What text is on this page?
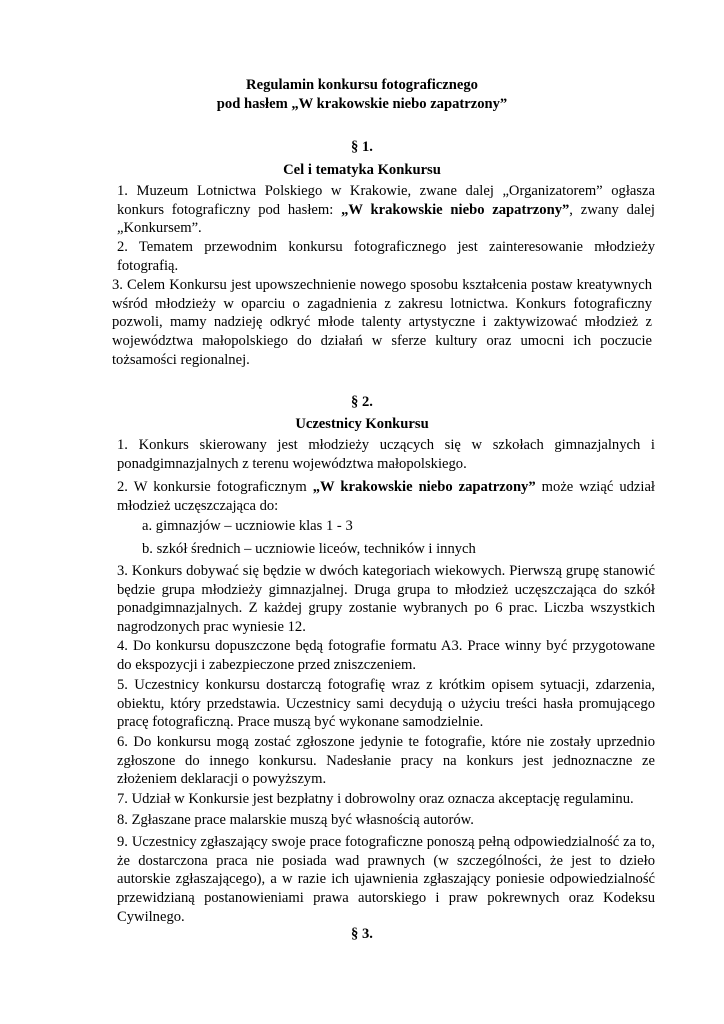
Regulamin konkursu fotograficznego

pod hasłem „W krakowskie niebo zapatrzony”

§ 1.

Cel i tematyka Konkursu

1. Muzeum Lotnictwa Polskiego w Krakowie, zwane dalej „Organizatorem” ogłasza konkurs fotograficzny pod hasłem: „W krakowskie niebo zapatrzony”, zwany dalej „Konkursem”.

2. Tematem przewodnim konkursu fotograficznego jest zainteresowanie młodzieży fotografią.

3. Celem Konkursu jest upowszechnienie nowego sposobu kształcenia postaw kreatywnych wśród młodzieży w oparciu o zagadnienia z zakresu lotnictwa. Konkurs fotograficzny pozwoli, mamy nadzieję odkryć młode talenty artystyczne i zaktywizować młodzież z województwa małopolskiego do działań w sferze kultury oraz umocni ich poczucie tożsamości regionalnej.

§ 2.

Uczestnicy Konkursu

1. Konkurs skierowany jest młodzieży uczących się w szkołach gimnazjalnych i ponadgimnazjalnych z terenu województwa małopolskiego.

2. W konkursie fotograficznym „W krakowskie niebo zapatrzony” może wziąć udział młodzież uczęszczająca do:

a. gimnazjów – uczniowie klas 1 - 3

b. szkół średnich – uczniowie liceów, techników i innych

3. Konkurs dobywać się będzie w dwóch kategoriach wiekowych. Pierwszą grupę stanowić będzie grupa młodzieży gimnazjalnej. Druga grupa to młodzież uczęszczająca do szkół ponadgimnazjalnych. Z każdej grupy zostanie wybranych po 6 prac. Liczba wszystkich nagrodzonych prac wyniesie 12.

4. Do konkursu dopuszczone będą fotografie formatu A3. Prace winny być przygotowane do ekspozycji i zabezpieczone przed zniszczeniem.

5. Uczestnicy konkursu dostarczą fotografię wraz z krótkim opisem sytuacji, zdarzenia, obiektu, który przedstawia. Uczestnicy sami decydują o użyciu treści hasła promującego pracę fotograficzną. Prace muszą być wykonane samodzielnie.

6. Do konkursu mogą zostać zgłoszone jedynie te fotografie, które nie zostały uprzednio zgłoszone do innego konkursu. Nadesłanie pracy na konkurs jest jednoznaczne ze złożeniem deklaracji o powyższym.

7. Udział w Konkursie jest bezpłatny i dobrowolny oraz oznacza akceptację regulaminu.

8. Zgłaszane prace malarskie muszą być własnością autorów.

9. Uczestnicy zgłaszający swoje prace fotograficzne ponoszą pełną odpowiedzialność za to, że dostarczona praca nie posiada wad prawnych (w szczególności, że jest to dzieło autorskie zgłaszającego), a w razie ich ujawnienia zgłaszający poniesie odpowiedzialność przewidzianą postanowieniami prawa autorskiego i praw pokrewnych oraz Kodeksu Cywilnego.

§ 3.
